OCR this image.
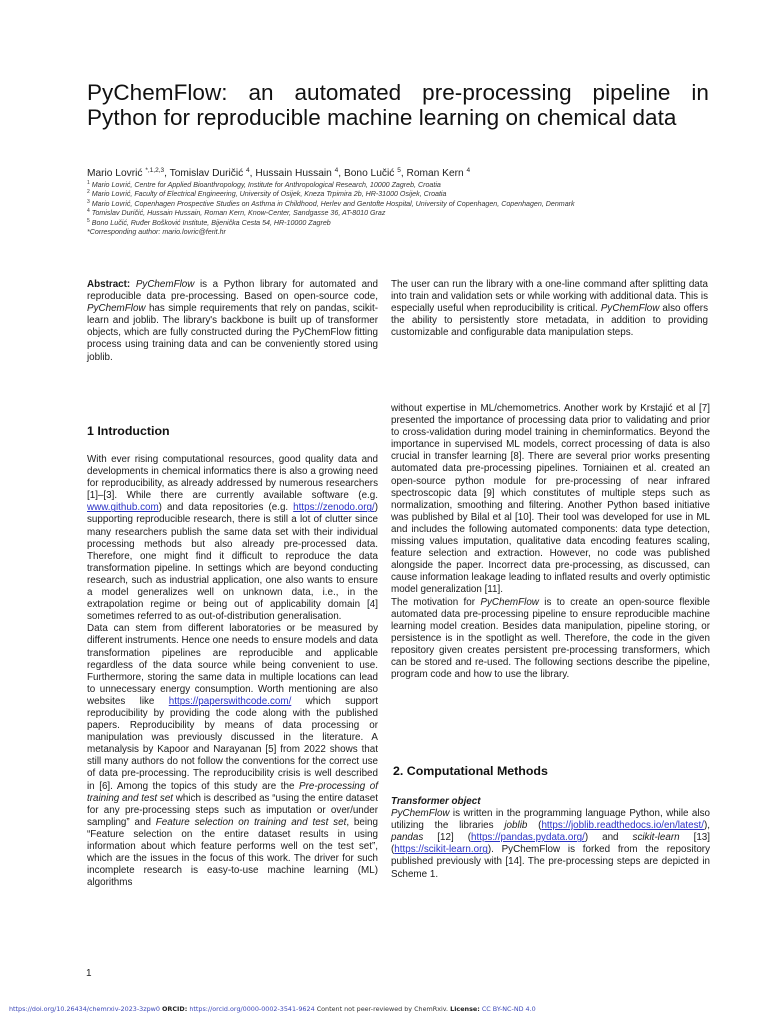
PyChemFlow: an automated pre-processing pipeline in Python for reproducible machine learning on chemical data
Mario Lovrić $^{*,1,2,3}$, Tomislav Duričić $^4$, Hussain Hussain $^4$, Bono Lučić $^5$, Roman Kern $^4$
$^1$ Mario Lovrić, Centre for Applied Bioanthropology, Institute for Anthropological Research, 10000 Zagreb, Croatia
$^2$ Mario Lovrić, Faculty of Electrical Engineering, University of Osijek, Kneza Trpimira 2b, HR-31000 Osijek, Croatia
$^3$ Mario Lovrić, Copenhagen Prospective Studies on Asthma in Childhood, Herlev and Gentofte Hospital, University of Copenhagen, Copenhagen, Denmark
$^4$ Tomislav Duričić, Hussain Hussain, Roman Kern, Know-Center, Sandgasse 36, AT-8010 Graz
$^5$ Bono Lučić, Ruđer Bošković Institute, Bijenička Cesta 54, HR-10000 Zagreb
*Corresponding author: mario.lovric@ferit.hr

Abstract: PyChemFlow is a Python library for automated and reproducible data pre-processing. Based on open-source code, PyChemFlow has simple requirements that rely on pandas, scikit-learn and joblib. The library's backbone is built up of transformer objects, which are fully constructed during the PyChemFlow fitting process using training data and can be conveniently stored using joblib.

The user can run the library with a one-line command after splitting data into train and validation sets or while working with additional data. This is especially useful when reproducibility is critical. PyChemFlow also offers the ability to persistently store metadata, in addition to providing customizable and configurable data manipulation steps.

1 Introduction

With ever rising computational resources, good quality data and developments in chemical informatics there is also a growing need for reproducibility, as already addressed by numerous researchers [1]–[3]. While there are currently available software (e.g. www.github.com) and data repositories (e.g. https://zenodo.org/) supporting reproducible research, there is still a lot of clutter since many researchers publish the same data set with their individual processing methods but also already pre-processed data. Therefore, one might find it difficult to reproduce the data transformation pipeline. In settings which are beyond conducting research, such as industrial application, one also wants to ensure a model generalizes well on unknown data, i.e., in the extrapolation regime or being out of applicability domain [4] sometimes referred to as out-of-distribution generalisation.

Data can stem from different laboratories or be measured by different instruments. Hence one needs to ensure models and data transformation pipelines are reproducible and applicable regardless of the data source while being convenient to use. Furthermore, storing the same data in multiple locations can lead to unnecessary energy consumption. Worth mentioning are also websites like https://paperswithcode.com/ which support reproducibility by providing the code along with the published papers. Reproducibility by means of data processing or manipulation was previously discussed in the literature. A metanalysis by Kapoor and Narayanan [5] from 2022 shows that still many authors do not follow the conventions for the correct use of data pre-processing. The reproducibility crisis is well described in [6]. Among the topics of this study are the Pre-processing of training and test set which is described as “using the entire dataset for any pre-processing steps such as imputation or over/under sampling” and Feature selection on training and test set, being “Feature selection on the entire dataset results in using information about which feature performs well on the test set”, which are the issues in the focus of this work. The driver for such incomplete research is easy-to-use machine learning (ML) algorithms

without expertise in ML/chemometrics. Another work by Krstajić et al [7] presented the importance of processing data prior to validating and prior to cross-validation during model training in cheminformatics. Beyond the importance in supervised ML models, correct processing of data is also crucial in transfer learning [8]. There are several prior works presenting automated data pre-processing pipelines. Torniainen et al. created an open-source python module for pre-processing of near infrared spectroscopic data [9] which constitutes of multiple steps such as normalization, smoothing and filtering. Another Python based initiative was published by Bilal et al [10]. Their tool was developed for use in ML and includes the following automated components: data type detection, missing values imputation, qualitative data encoding features scaling, feature selection and extraction. However, no code was published alongside the paper. Incorrect data pre-processing, as discussed, can cause information leakage leading to inflated results and overly optimistic model generalization [11].

The motivation for PyChemFlow is to create an open-source flexible automated data pre-processing pipeline to ensure reproducible machine learning model creation. Besides data manipulation, pipeline storing, or persistence is in the spotlight as well. Therefore, the code in the given repository given creates persistent pre-processing transformers, which can be stored and re-used. The following sections describe the pipeline, program code and how to use the library.

2. Computational Methods

Transformer object

PyChemFlow is written in the programming language Python, while also utilizing the libraries joblib (https://joblib.readthedocs.io/en/latest/), pandas [12] (https://pandas.pydata.org/) and scikit-learn [13] (https://scikit-learn.org). PyChemFlow is forked from the repository published previously with [14]. The pre-processing steps are depicted in Scheme 1.

1
https://doi.org/10.26434/chemrxiv-2023-3zpw0 ORCID: https://orcid.org/0000-0002-3541-9624 Content not peer-reviewed by ChemRxiv. License: CC BY-NC-ND 4.0
